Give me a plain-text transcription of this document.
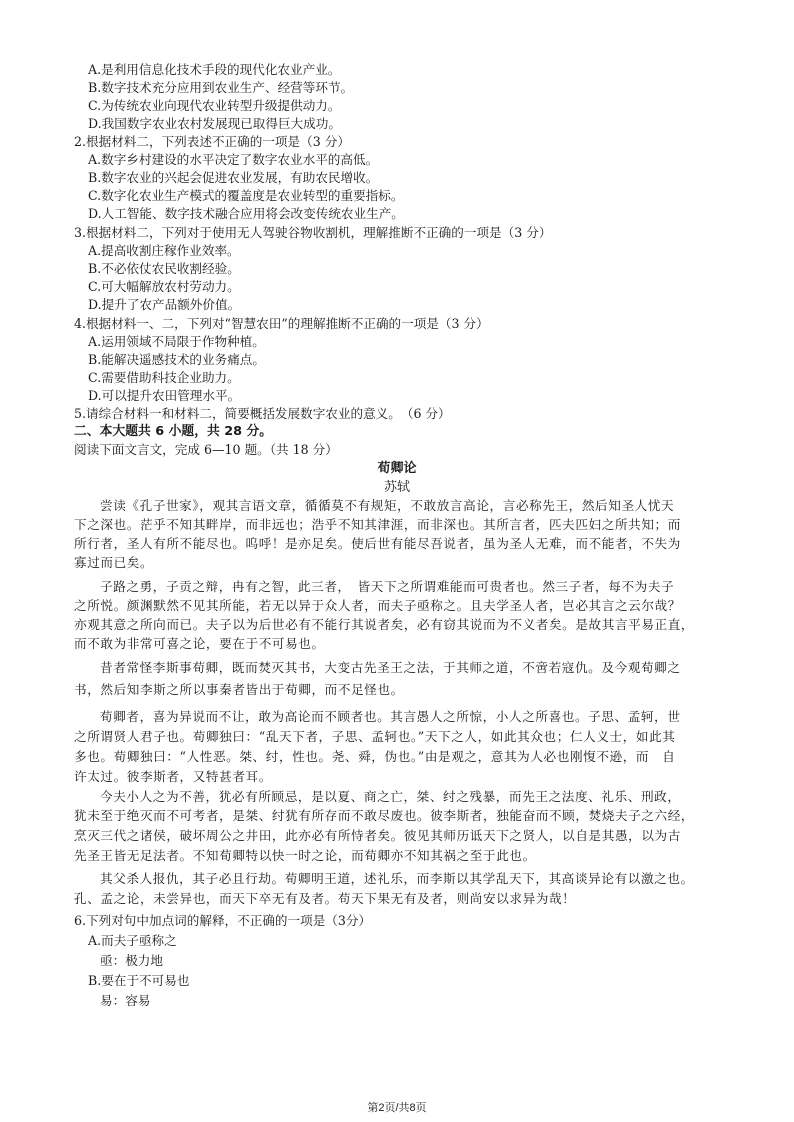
A.是利用信息化技术手段的现代化农业产业。
B.数字技术充分应用到农业生产、经营等环节。
C.为传统农业向现代农业转型升级提供动力。
D.我国数字农业农村发展现已取得巨大成功。
2.根据材料二，下列表述不正确的一项是（3 分）
A.数字乡村建设的水平决定了数字农业水平的高低。
B.数字农业的兴起会促进农业发展，有助农民增收。
C.数字化农业生产模式的覆盖度是农业转型的重要指标。
D.人工智能、数字技术融合应用将会改变传统农业生产。
3.根据材料二，下列对于使用无人驾驶谷物收割机，理解推断不正确的一项是（3 分）
A.提高收割庄稼作业效率。
B.不必依仗农民收割经验。
C.可大幅解放农村劳动力。
D.提升了农产品额外价值。
4.根据材料一、二，下列对“智慧农田”的理解推断不正确的一项是（3 分）
A.运用领域不局限于作物种植。
B.能解决遥感技术的业务痛点。
C.需要借助科技企业助力。
D.可以提升农田管理水平。
5.请综合材料一和材料二，简要概括发展数字农业的意义。　（6 分）
二、本大题共 6 小题，共 28 分。
阅读下面文言文，完成 6—10 题。（共 18 分）
荀卿论
苏轼
尝读《孔子世家》，观其言语文章，循循莫不有规矩，不敢放言高论，言必称先王，然后知圣人忧天
下之深也。茫乎不知其畔岸，而非远也；浩乎不知其津涯，而非深也。其所言者，匹夫匹妇之所共知；而
所行者，圣人有所不能尽也。呜呼！是亦足矣。使后世有能尽吾说者，虽为圣人无难，而不能者，不失为
寡过而已矣。
子路之勇，子贡之辩，冉有之智，此三者，　皆天下之所谓难能而可贵者也。然三子者，每不为夫子
之所悦。颜渊默然不见其所能，若无以异于众人者，而夫子亟称之。且夫学圣人者，岂必其言之云尔哉？
亦观其意之所向而已。夫子以为后世必有不能行其说者矣，必有窃其说而为不义者矣。是故其言平易正直，
而不敢为非常可喜之论，要在于不可易也。
昔者常怪李斯事荀卿，既而焚灭其书，大变古先圣王之法，于其师之道，不啻若寇仇。及今观荀卿之
书，然后知李斯之所以事秦者皆出于荀卿，而不足怪也。
荀卿者，喜为异说而不让，敢为高论而不顾者也。其言愚人之所惊，小人之所喜也。子思、孟轲，世
之所谓贤人君子也。荀卿独曰：“乱天下者，子思、孟轲也。”天下之人，如此其众也；仁人义士，如此其
多也。荀卿独曰：“人性恶。桀、纣，性也。尧、舜，伪也。”由是观之，意其为人必也刚愎不逊，而　自
许太过。彼李斯者，又特甚者耳。
今夫小人之为不善，犹必有所顾忌，是以夏、商之亡，桀、纣之残暴，而先王之法度、礼乐、刑政，
犹未至于绝灭而不可考者，是桀、纣犹有所存而不敢尽废也。彼李斯者，独能奋而不顾，焚烧夫子之六经，
烹灭三代之诸侯，破坏周公之井田，此亦必有所恃者矣。彼见其师历诋天下之贤人，以自是其愚，以为古
先圣王皆无足法者。不知荀卿特以快一时之论，而荀卿亦不知其祸之至于此也。
其父杀人报仇，其子必且行劫。荀卿明王道，述礼乐，而李斯以其学乱天下，其高谈异论有以激之也。
孔、孟之论，未尝异也，而天下卒无有及者。苟天下果无有及者，则尚安以求异为哉！
6.下列对句中加点词的解释，不正确的一项是（3分）
A.而夫子亟称之
亟：极力地
B.要在于不可易也
易：容易
第2页/共8页
